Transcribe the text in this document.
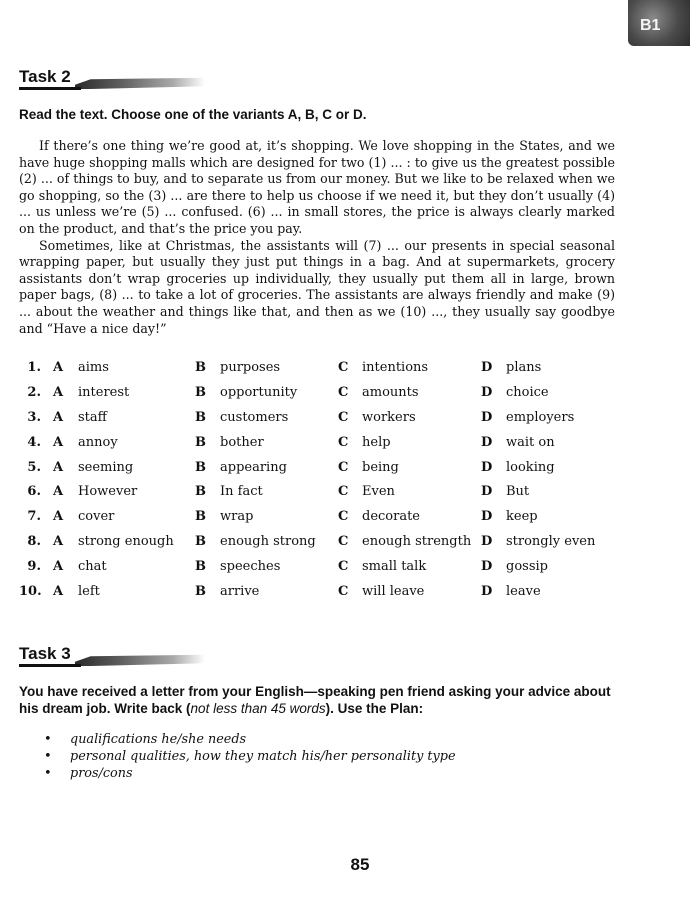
B1
Task 2
Read the text. Choose one of the variants A, B, C or D.

If there’s one thing we’re good at, it’s shopping. We love shopping in the States, and we have huge shopping malls which are designed for two (1) ... : to give us the greatest possible (2) ... of things to buy, and to separate us from our money. But we like to be relaxed when we go shopping, so the (3) ... are there to help us choose if we need it, but they don’t usually (4) ... us unless we’re (5) ... confused. (6) ... in small stores, the price is always clearly marked on the product, and that’s the price you pay.

Sometimes, like at Christmas, the assistants will (7) ... our presents in special seasonal wrapping paper, but usually they just put things in a bag. And at supermarkets, grocery assistants don’t wrap groceries up individually, they usually put them all in large, brown paper bags, (8) ... to take a lot of groceries. The assistants are always friendly and make (9) ... about the weather and things like that, and then as we (10) ..., they usually say goodbye and “Have a nice day!”

1. A aims	B purposes	C intentions	D plans
2. A interest	B opportunity	C amounts	D choice
3. A staff	B customers	C workers	D employers
4. A annoy	B bother	C help	D wait on
5. A seeming	B appearing	C being	D looking
6. A However	B In fact	C Even	D But
7. A cover	B wrap	C decorate	D keep
8. A strong enough B enough strong C enough strength D strongly even
9. A chat	B speeches	C small talk	D gossip
10. A left	B arrive	C will leave	D leave
Task 3
You have received a letter from your English—speaking pen friend asking your advice about his dream job. Write back (not less than 45 words). Use the Plan:
• qualifications he/she needs
• personal qualities, how they match his/her personality type
• pros/cons
85
